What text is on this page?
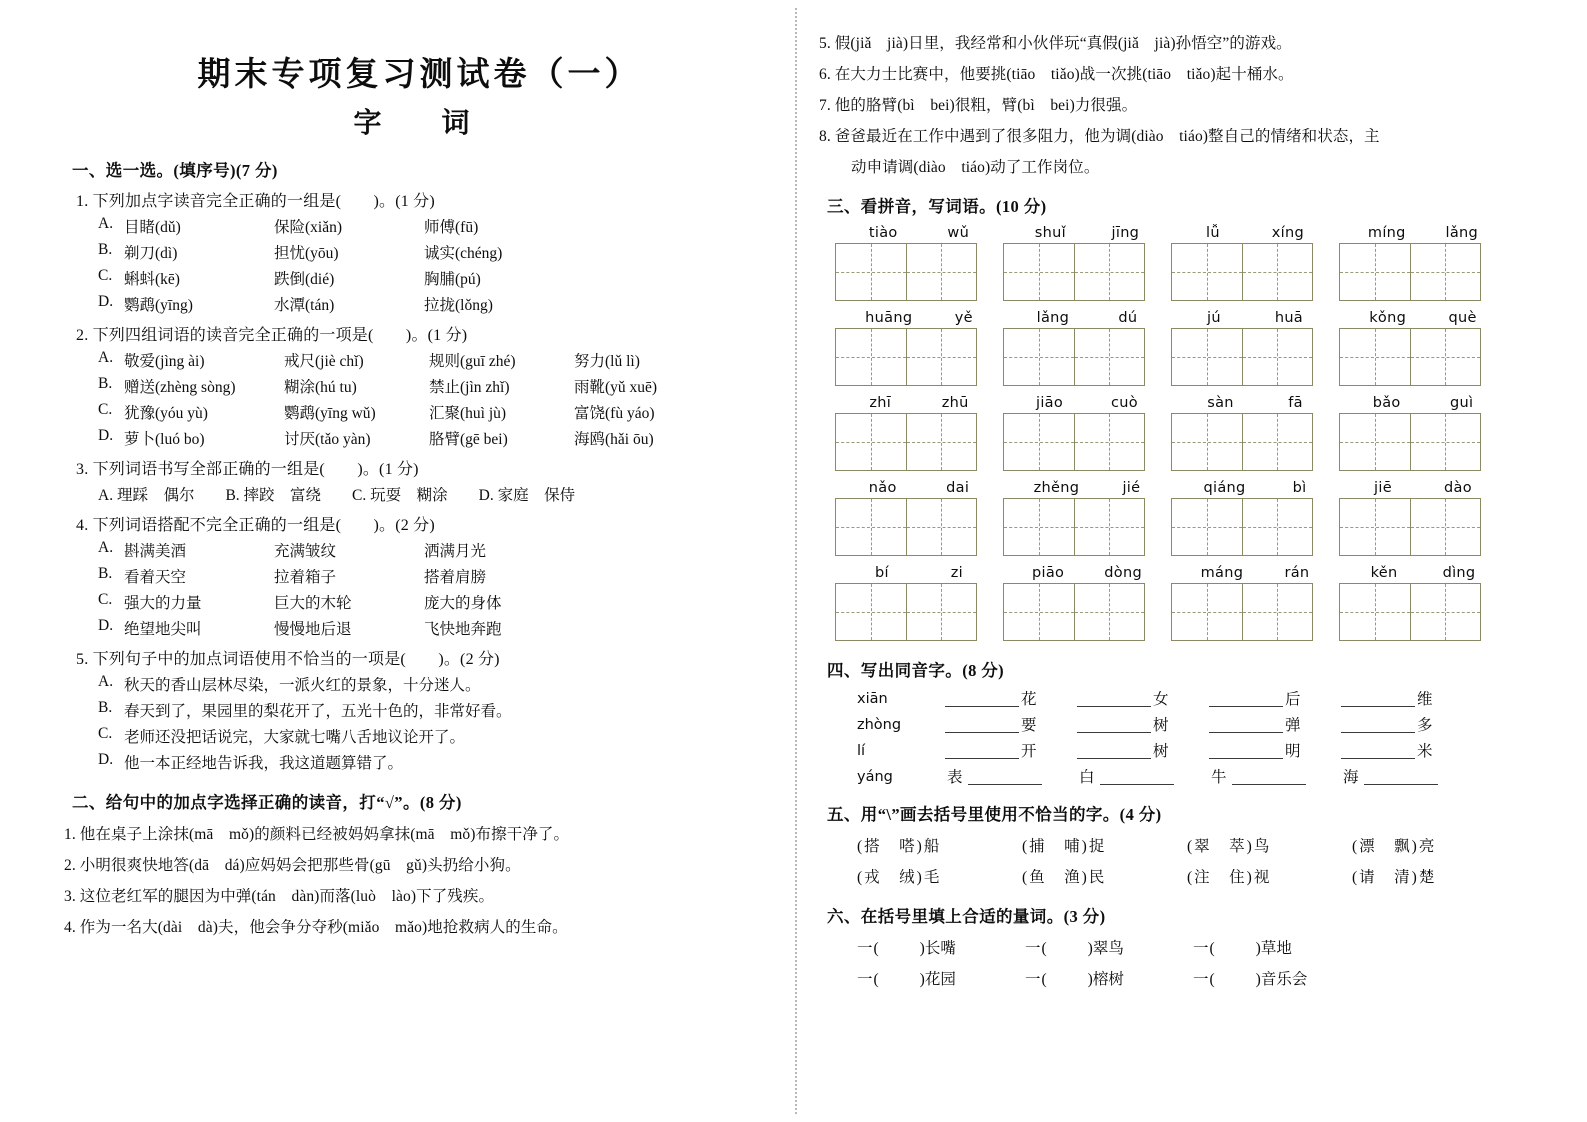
期末专项复习测试卷（一）
字　词
一、选一选。(填序号)(7 分)
1. 下列加点字读音完全正确的一组是(　　)。(1 分)
A. 目睹(dǔ)	保险(xiǎn)	师傅(fū)
B. 剃刀(dì)	担忧(yōu)	诚实(chéng)
C. 蝌蚪(kē)	跌倒(dié)	胸脯(pú)
D. 鹦鹉(yīng)	水潭(tán)	拉拢(lǒng)
2. 下列四组词语的读音完全正确的一项是(　　)。(1 分)
A. 敬爱(jìng ài)	戒尺(jiè chǐ)	规则(guī zhé)	努力(lǔ lì)
B. 赠送(zhèng sòng)	糊涂(hú tu)	禁止(jìn zhǐ)	雨靴(yǔ xuē)
C. 犹豫(yóu yù)	鹦鹉(yīng wǔ)	汇聚(huì jù)	富饶(fù yáo)
D. 萝卜(luó bo)	讨厌(tǎo yàn)	胳臂(gē bei)	海鸥(hǎi ōu)
3. 下列词语书写全部正确的一组是(　　)。(1 分)
A. 理踩　偶尔　　B. 摔跤　富绕　　C. 玩耍　糊涂　　D. 家庭　保侍
4. 下列词语搭配不完全正确的一组是(　　)。(2 分)
A. 斟满美酒	充满皱纹	洒满月光
B. 看着天空	拉着箱子	搭着肩膀
C. 强大的力量	巨大的木轮	庞大的身体
D. 绝望地尖叫	慢慢地后退	飞快地奔跑
5. 下列句子中的加点词语使用不恰当的一项是(　　)。(2 分)
A. 秋天的香山层林尽染，一派火红的景象，十分迷人。
B. 春天到了，果园里的梨花开了，五光十色的，非常好看。
C. 老师还没把话说完，大家就七嘴八舌地议论开了。
D. 他一本正经地告诉我，我这道题算错了。
二、给句中的加点字选择正确的读音，打“√”。(8 分)
1. 他在桌子上涂抹(mā　mǒ)的颜料已经被妈妈拿抹(mā　mǒ)布擦干净了。
2. 小明很爽快地答(dā　dá)应妈妈会把那些骨(gū　gǔ)头扔给小狗。
3. 这位老红军的腿因为中弹(tán　dàn)而落(luò　lào)下了残疾。
4. 作为一名大(dài　dà)夫，他会争分夺秒(miǎo　mǎo)地抢救病人的生命。
5. 假(jiǎ　jià)日里，我经常和小伙伴玩“真假(jiǎ　jià)孙悟空”的游戏。
6. 在大力士比赛中，他要挑(tiāo　tiǎo)战一次挑(tiāo　tiǎo)起十桶水。
7. 他的胳臂(bì　bei)很粗，臂(bì　bei)力很强。
8. 爸爸最近在工作中遇到了很多阻力，他为调(diào　tiáo)整自己的情绪和状态，主
动申请调(diào　tiáo)动了工作岗位。
三、看拼音，写词语。(10 分)
tiào	wǔ	shuǐ	jīng	lǚ	xíng	míng	lǎng
huāng	yě	lǎng	dú	jú	huā	kǒng	què
zhī	zhū	jiāo	cuò	sàn	fā	bǎo	guì
nǎo	dai	zhěng	jié	qiáng	bì	jiē	dào
bí	zi	piāo	dòng	máng	rán	kěn	dìng
四、写出同音字。(8 分)
xiān	花	女	后	维
zhòng	要	树	弹	多
lí	开	树	明	米
yáng	表	白	牛	海
五、用“\”画去括号里使用不恰当的字。(4 分)
(搭　嗒)船	(捕　哺)捉	(翠　萃)鸟	(漂　飘)亮
(戎　绒)毛	(鱼　渔)民	(注　住)视	(请　清)楚
六、在括号里填上合适的量词。(3 分)
一(	)长嘴	一(	)翠鸟	一(	)草地
一(	)花园	一(	)榕树	一(	)音乐会
